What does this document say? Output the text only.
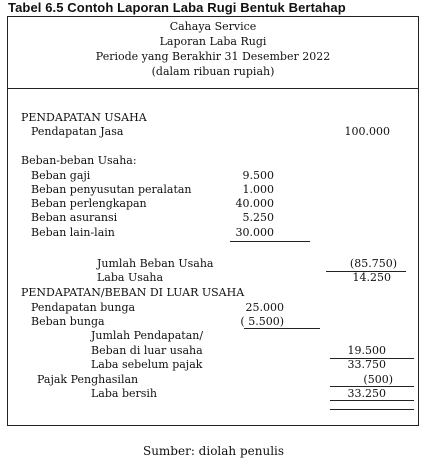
Tabel 6.5 Contoh Laporan Laba Rugi Bentuk Bertahap
Cahaya Service
Laporan Laba Rugi
Periode yang Berakhir 31 Desember 2022
(dalam ribuan rupiah)
PENDAPATAN USAHA
Pendapatan Jasa	100.000
Beban-beban Usaha:
Beban gaji	9.500
Beban penyusutan peralatan	1.000
Beban perlengkapan	40.000
Beban asuransi	5.250
Beban lain-lain	30.000
Jumlah Beban Usaha	(85.750)
Laba Usaha	14.250
PENDAPATAN/BEBAN DI LUAR USAHA
Pendapatan bunga	25.000
Beban bunga	( 5.500)
Jumlah Pendapatan/
Beban di luar usaha	19.500
Laba sebelum pajak	33.750
Pajak Penghasilan	(500)
Laba bersih	33.250
Sumber: diolah penulis
